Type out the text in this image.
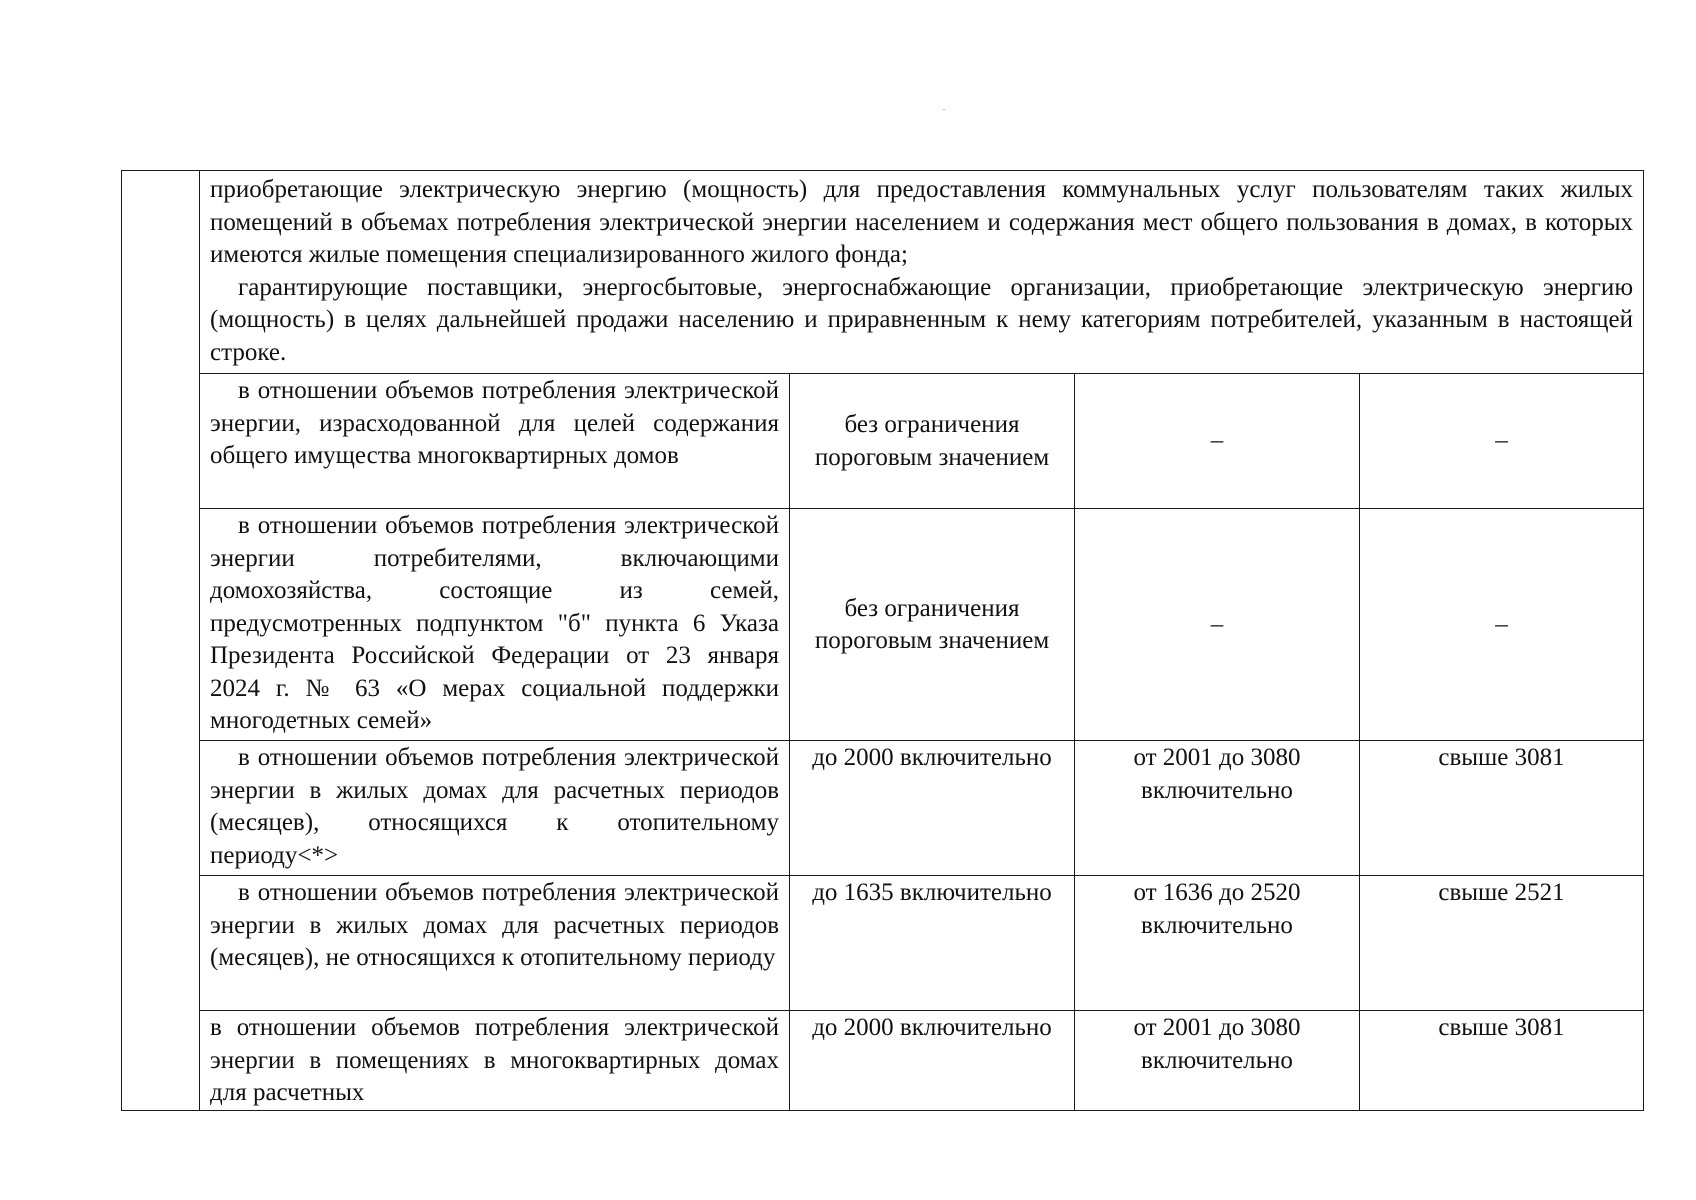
	приобретающие электрическую энергию (мощность) для предоставления коммунальных услуг пользователям таких жилых помещений в объемах потребления электрической энергии населением и содержания мест общего пользования в домах, в которых имеются жилые помещения специализированного жилого фонда;

гарантирующие поставщики, энергосбытовые, энергоснабжающие организации, приобретающие электрическую энергию (мощность) в целях дальнейшей продажи населению и приравненным к нему категориям потребителей, указанным в настоящей строке.			

	в отношении объемов потребления электрической энергии, израсходованной для целей содержания общего имущества многоквартирных домов	без ограничения пороговым значением	–	–
	в отношении объемов потребления электрической энергии потребителями, включающими домохозяйства, состоящие из семей, предусмотренных подпунктом "б" пункта 6 Указа Президента Российской Федерации от 23 января 2024 г. № 63 «О мерах социальной поддержки многодетных семей»	без ограничения пороговым значением	–	–
	в отношении объемов потребления электрической энергии в жилых домах для расчетных периодов (месяцев), относящихся к отопительному периоду<*>	до 2000 включительно	от 2001 до 3080 включительно	свыше 3081
	в отношении объемов потребления электрической энергии в жилых домах для расчетных периодов (месяцев), не относящихся к отопительному периоду	до 1635 включительно	от 1636 до 2520 включительно	свыше 2521
	в отношении объемов потребления электрической энергии в помещениях в многоквартирных домах для расчетных	до 2000 включительно	от 2001 до 3080 включительно	свыше 3081
